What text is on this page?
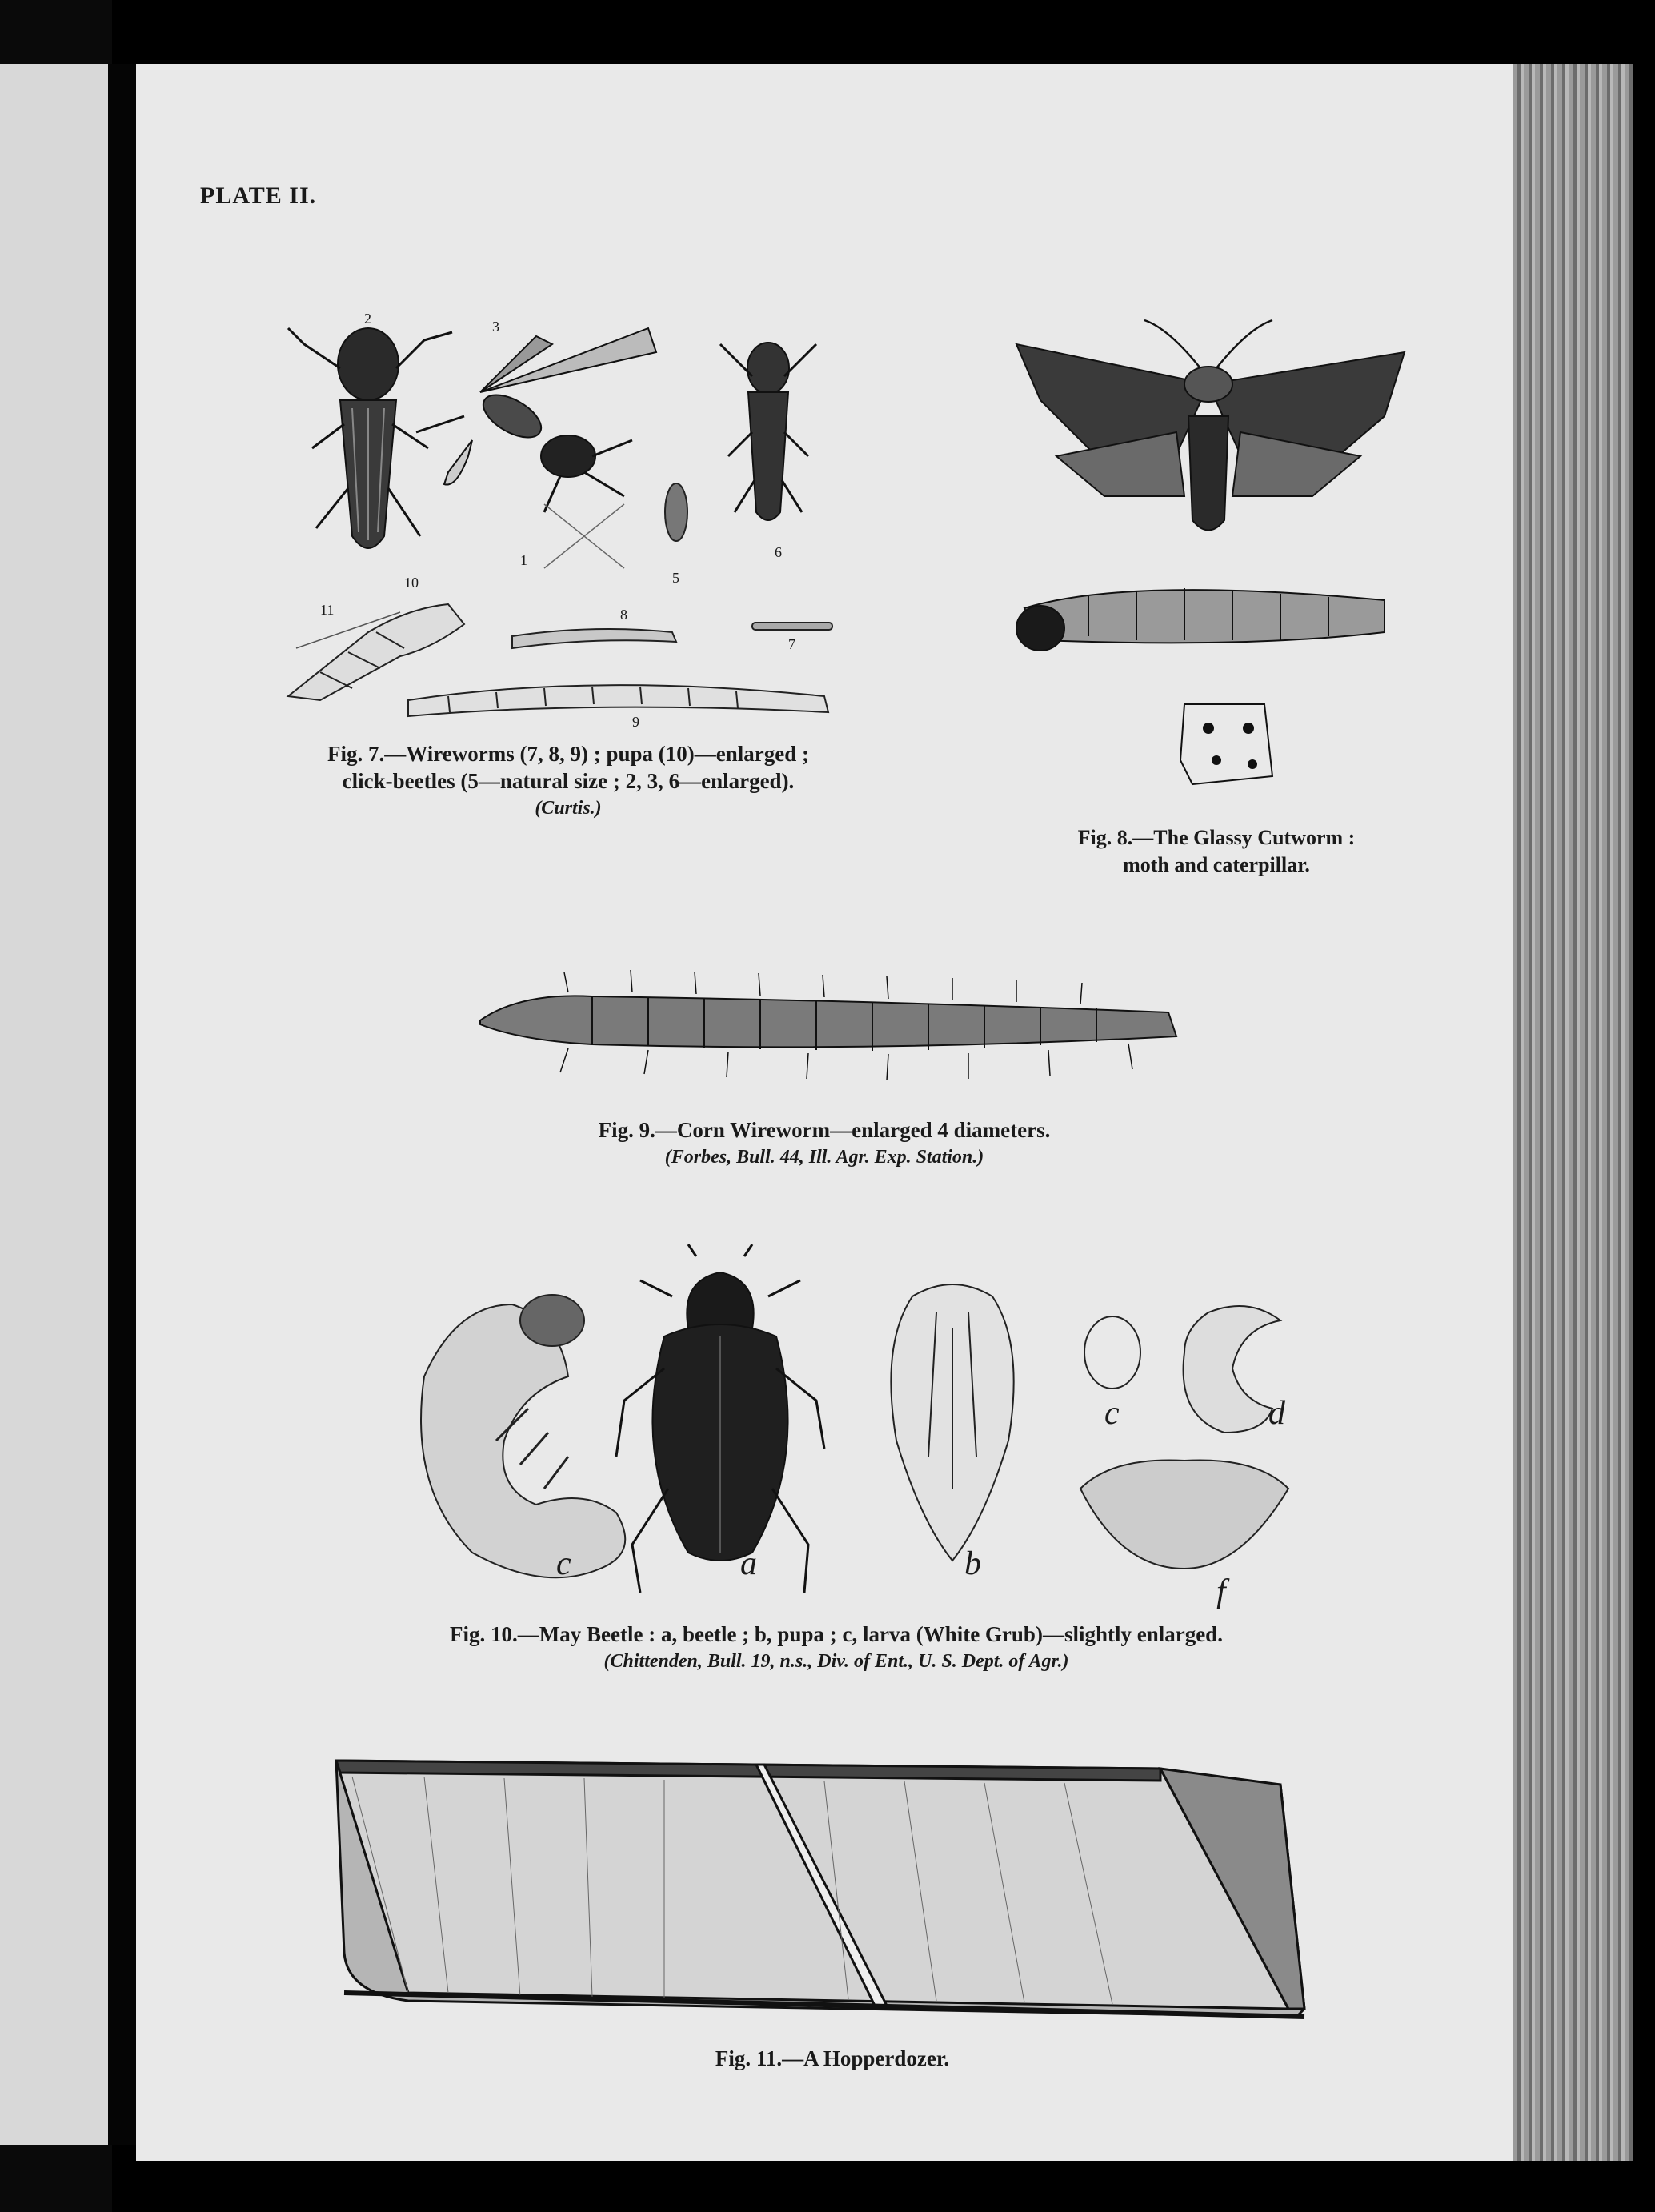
PLATE II.
2	3
1
5
6
10
11	8
7
9
Fig. 7.—Wireworms (7, 8, 9) ; pupa (10)—enlarged ;
click-beetles (5—natural size ; 2, 3, 6—enlarged).
(Curtis.)
Fig. 8.—The Glassy Cutworm :
moth and caterpillar.
Fig. 9.—Corn Wireworm—enlarged 4 diameters.
(Forbes, Bull. 44, Ill. Agr. Exp. Station.)
c	a	b
c	d
f
Fig. 10.—May Beetle : a, beetle ; b, pupa ; c, larva (White Grub)—slightly enlarged.
(Chittenden, Bull. 19, n.s., Div. of Ent., U. S. Dept. of Agr.)
Fig. 11.—A Hopperdozer.
